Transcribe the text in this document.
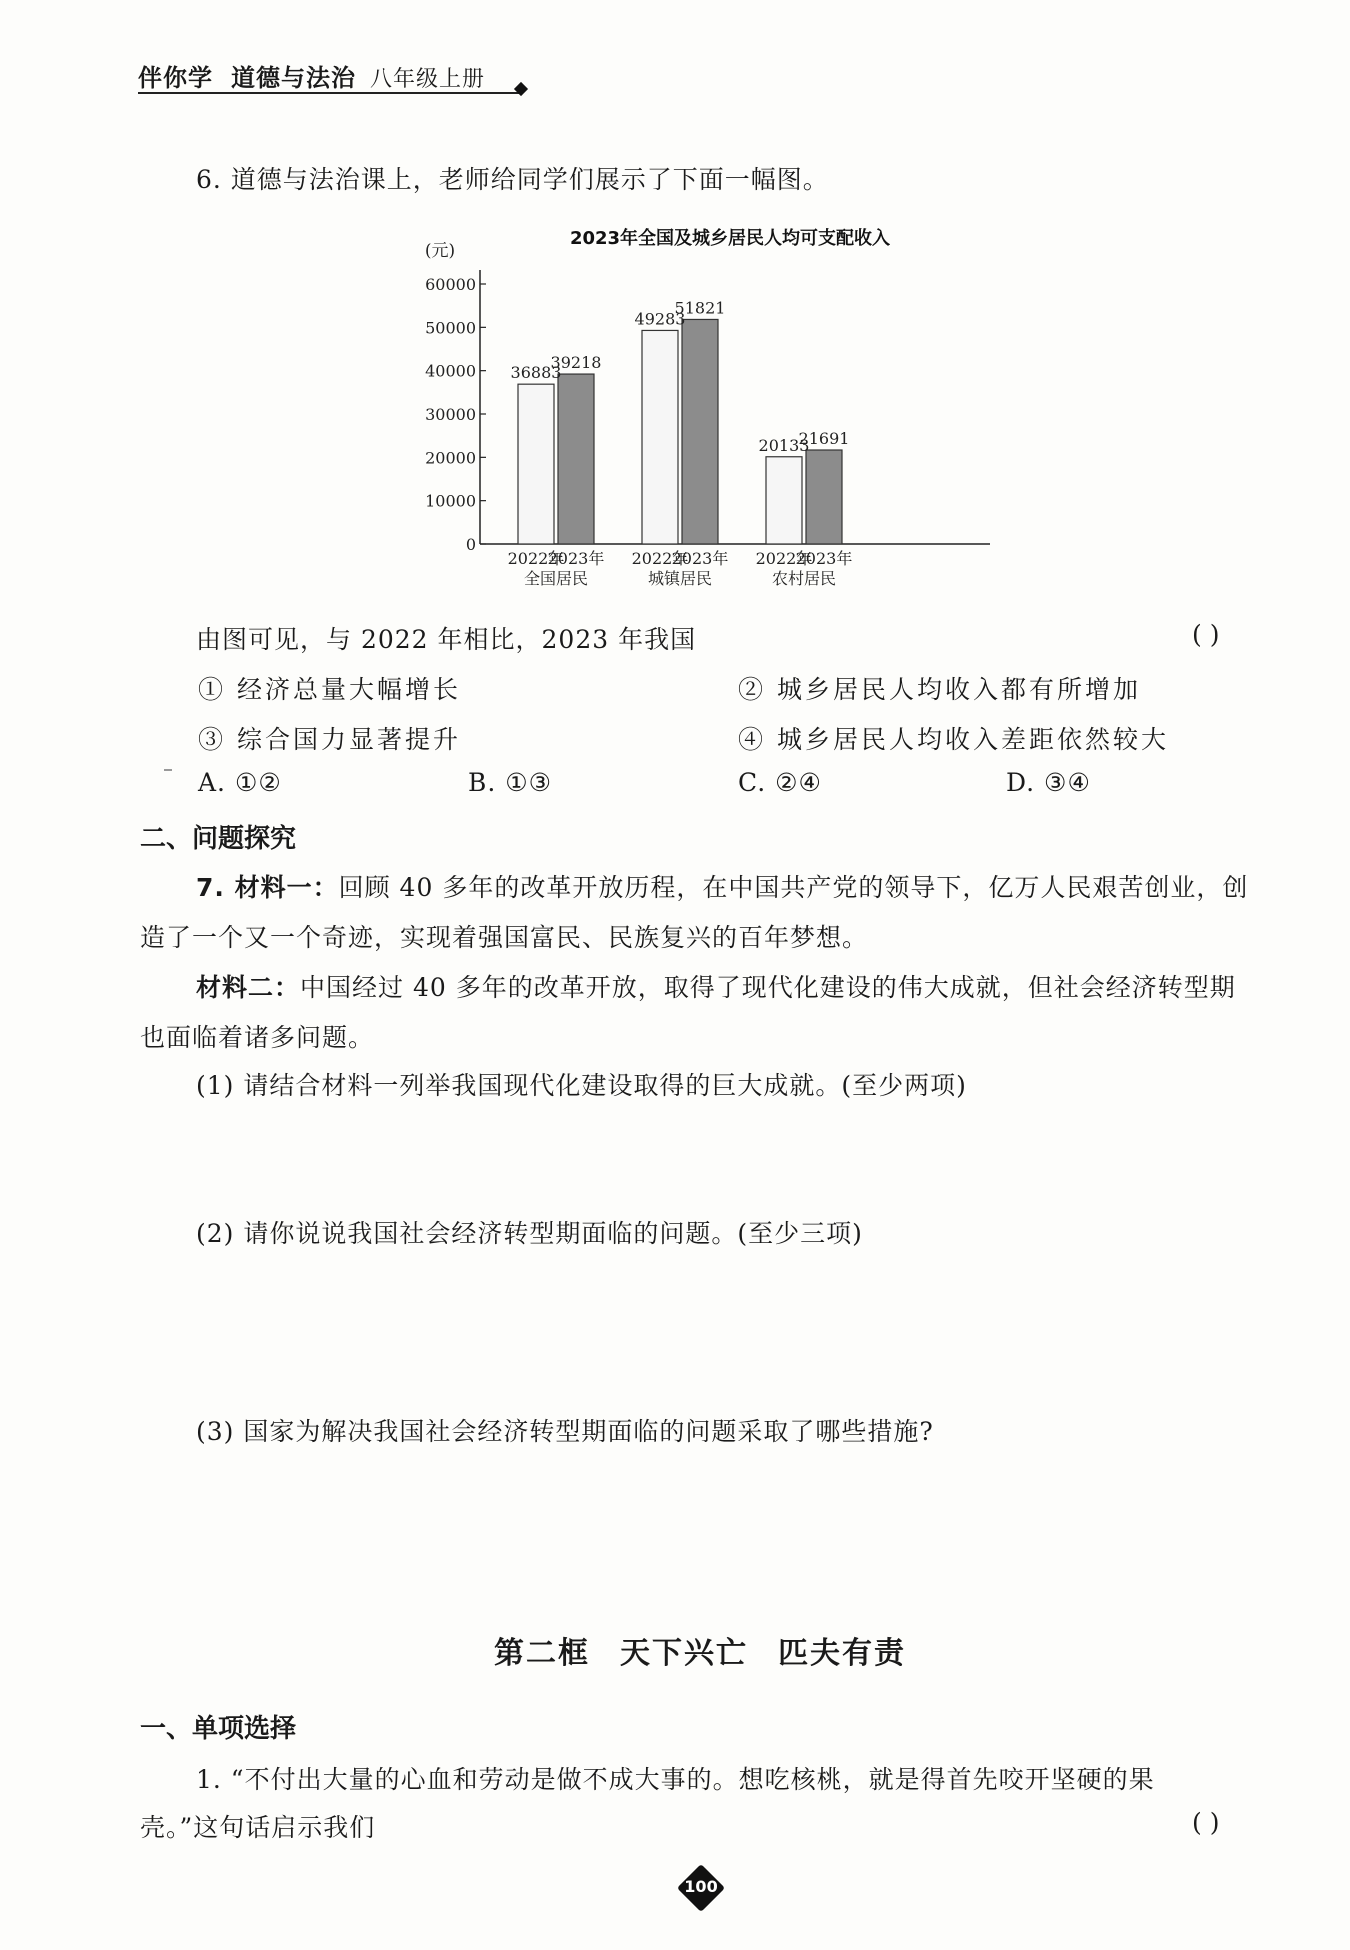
伴你学 道德与法治 八年级上册
6. 道德与法治课上，老师给同学们展示了下面一幅图。
2023年全国及城乡居民人均可支配收入
(元)
0
10000
20000
30000
40000
50000
60000
36883
2022年
39218
2023年
全国居民
49283
2022年
51821
2023年
城镇居民
20133
2022年
21691
2023年
农村居民
由图可见，与 2022 年相比，2023 年我国	( )
① 经济总量大幅增长	② 城乡居民人均收入都有所增加
③ 综合国力显著提升	④ 城乡居民人均收入差距依然较大
A. ①②	B. ①③	C. ②④	D. ③④
二、问题探究
7. 材料一：回顾 40 多年的改革开放历程，在中国共产党的领导下，亿万人民艰苦创业，创
造了一个又一个奇迹，实现着强国富民、民族复兴的百年梦想。
材料二：中国经过 40 多年的改革开放，取得了现代化建设的伟大成就，但社会经济转型期
也面临着诸多问题。
(1) 请结合材料一列举我国现代化建设取得的巨大成就。(至少两项)
(2) 请你说说我国社会经济转型期面临的问题。(至少三项)
(3) 国家为解决我国社会经济转型期面临的问题采取了哪些措施?
第二框 天下兴亡 匹夫有责
一、单项选择
1. “不付出大量的心血和劳动是做不成大事的。想吃核桃，就是得首先咬开坚硬的果
壳。”这句话启示我们	( )
100
